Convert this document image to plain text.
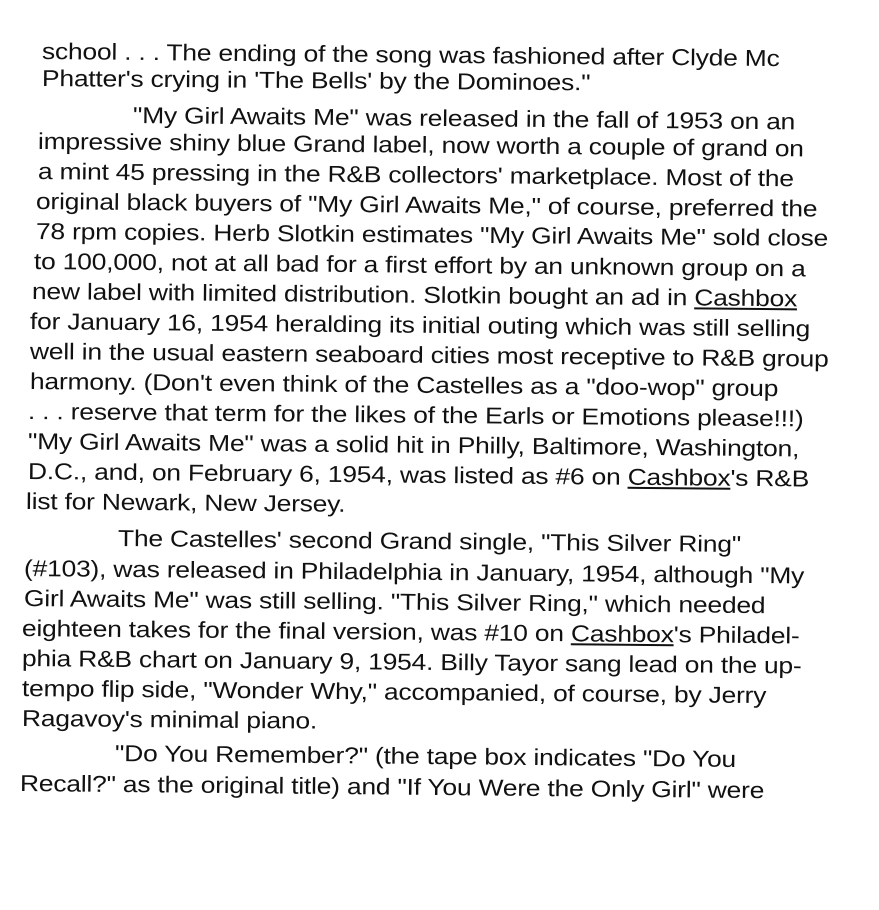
school . . . The ending of the song was fashioned after Clyde Mc
Phatter's crying in 'The Bells' by the Dominoes."
"My Girl Awaits Me" was released in the fall of 1953 on an
impressive shiny blue Grand label, now worth a couple of grand on
a mint 45 pressing in the R&B collectors' marketplace. Most of the
original black buyers of "My Girl Awaits Me," of course, preferred the
78 rpm copies. Herb Slotkin estimates "My Girl Awaits Me" sold close
to 100,000, not at all bad for a first effort by an unknown group on a
new label with limited distribution. Slotkin bought an ad in Cashbox
for January 16, 1954 heralding its initial outing which was still selling
well in the usual eastern seaboard cities most receptive to R&B group
harmony. (Don't even think of the Castelles as a "doo-wop" group
. . . reserve that term for the likes of the Earls or Emotions please!!!)
"My Girl Awaits Me" was a solid hit in Philly, Baltimore, Washington,
D.C., and, on February 6, 1954, was listed as #6 on Cashbox's R&B
list for Newark, New Jersey.
The Castelles' second Grand single, "This Silver Ring"
(#103), was released in Philadelphia in January, 1954, although "My
Girl Awaits Me" was still selling. "This Silver Ring," which needed
eighteen takes for the final version, was #10 on Cashbox's Philadel-
phia R&B chart on January 9, 1954. Billy Tayor sang lead on the up-
tempo flip side, "Wonder Why," accompanied, of course, by Jerry
Ragavoy's minimal piano.
"Do You Remember?" (the tape box indicates "Do You
Recall?" as the original title) and "If You Were the Only Girl" were
